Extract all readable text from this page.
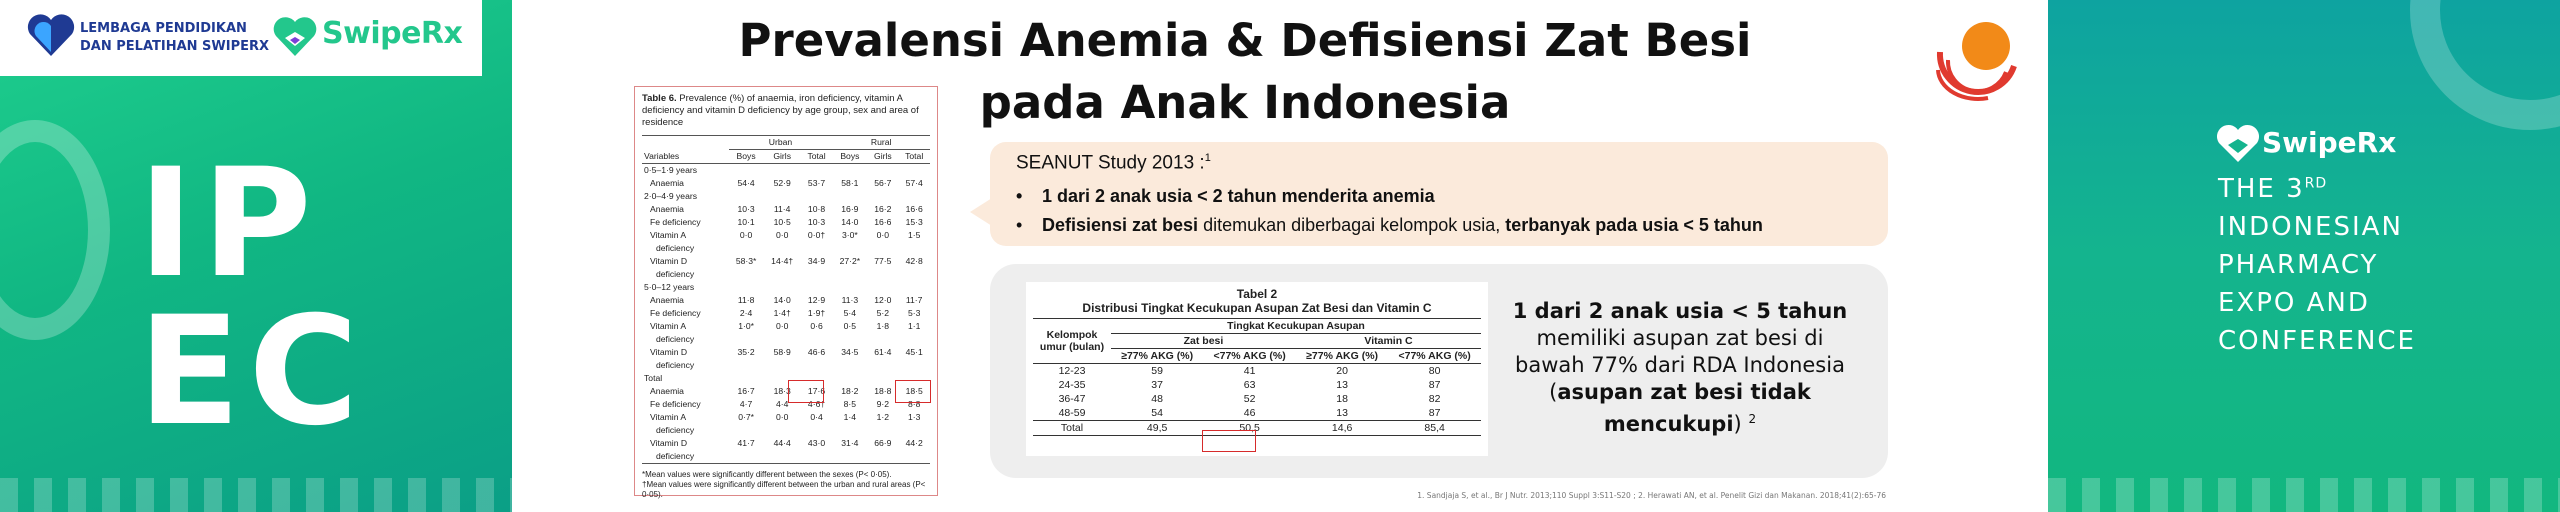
LEMBAGA PENDIDIKAN
DAN PELATIHAN SWIPERX SwipeRx
IP
EC
Prevalensi Anemia & Defisiensi Zat Besi
pada Anak Indonesia
Table 6. Prevalence (%) of anaemia, iron deficiency, vitamin A deficiency and vitamin D deficiency by age group, sex and area of residence
	Urban			Rural		
Variables	Boys	Girls	Total	Boys	Girls	Total
0·5–1·9 years						
Anaemia	54·4	52·9	53·7	58·1	56·7	57·4
2·0–4·9 years						
Anaemia	10·3	11·4	10·8	16·9	16·2	16·6
Fe deficiency	10·1	10·5	10·3	14·0	16·6	15·3
Vitamin A	0·0	0·0	0·0†	3·0*	0·0	1·5
deficiency						
Vitamin D	58·3*	14·4†	34·9	27·2*	77·5	42·8
deficiency						
5·0–12 years						
Anaemia	11·8	14·0	12·9	11·3	12·0	11·7
Fe deficiency	2·4	1·4†	1·9†	5·4	5·2	5·3
Vitamin A	1·0*	0·0	0·6	0·5	1·8	1·1
deficiency						
Vitamin D	35·2	58·9	46·6	34·5	61·4	45·1
deficiency						
Total						
Anaemia	16·7	18·3	17·6	18·2	18·8	18·5
Fe deficiency	4·7	4·4	4·6†	8·5	9·2	8·8
Vitamin A	0·7*	0·0	0·4	1·4	1·2	1·3
deficiency						
Vitamin D	41·7	44·4	43·0	31·4	66·9	44·2
deficiency						
*Mean values were significantly different between the sexes (P< 0·05).
†Mean values were significantly different between the urban and rural areas (P< 0·05).
SEANUT Study 2013 :$^1$
• 1 dari 2 anak usia < 2 tahun menderita anemia
• Defisiensi zat besi ditemukan diberbagai kelompok usia, terbanyak pada usia < 5 tahun
Tabel 2
Distribusi Tingkat Kecukupan Asupan Zat Besi dan Vitamin C
Kelompok umur (bulan)	Tingkat Kecukupan Asupan			
	Zat besi		Vitamin C	
	≥77% AKG (%)	<77% AKG (%)	≥77% AKG (%)	<77% AKG (%)
12-23	59	41	20	80
24-35	37	63	13	87
36-47	48	52	18	82
48-59	54	46	13	87
Total	49,5	50,5	14,6	85,4
1 dari 2 anak usia < 5 tahun
memiliki asupan zat besi di bawah 77% dari RDA Indonesia (asupan zat besi tidak mencukupi) $^2$
1. Sandjaja S, et al., Br J Nutr. 2013;110 Suppl 3:S11-S20 ; 2. Herawati AN, et al. Penelit Gizi dan Makanan. 2018;41(2):65-76
SwipeRx
THE 3RD
INDONESIAN
PHARMACY
EXPO AND
CONFERENCE
